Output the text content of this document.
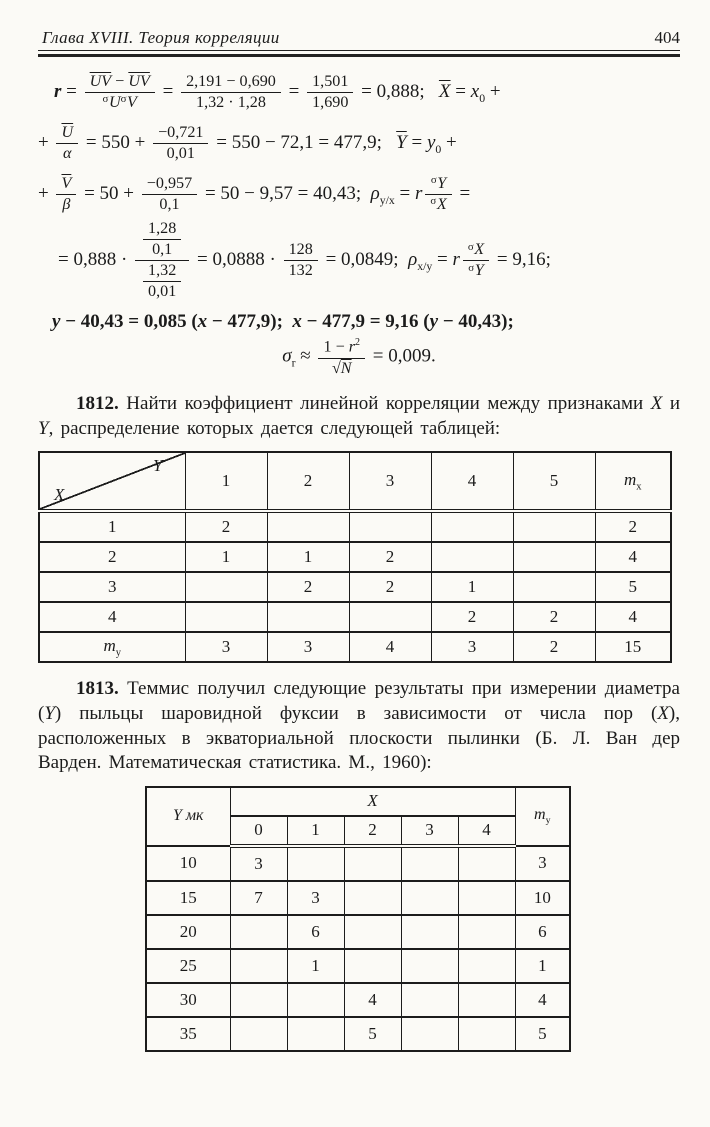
Глава XVIII. Теория корреляции	404
$r = \frac{\overline{UV} - \overline{U}\overline{V}}{^\sigma U^\sigma V} = \frac{2,191 - 0,690}{1,32 \cdot 1,28} = \frac{1,501}{1,690} = 0,888$;   $\overline{X} = x_0$ +
+ $\frac{\overline{U}}{\alpha} = 550 + \frac{-0,721}{0,01} = 550 - 72,1 = 477,9$;   $\overline{Y} = y_0$ +
+ $\frac{\overline{V}}{\beta} = 50 + \frac{-0,957}{0,1} = 50 - 9,57 = 40,43$;  $\rho_{y/x} = r \frac{^\sigma Y}{^\sigma X}$ =
= $0,888 \cdot \frac{\frac{1,28}{0,1}}{\frac{1,32}{0,01}} = 0,0888 \cdot \frac{128}{132} = 0,0849$;  $\rho_{x/y} = r \frac{^\sigma X}{^\sigma Y} = 9,16$;
y − 40,43 = 0,085 (x − 477,9);  x − 477,9 = 9,16 (y − 40,43);
$\sigma_r \approx \frac{1 - r^2}{√N} = 0,009$.

1812. Найти коэффициент линейной корреляции между признаками X и Y, распределение которых дается следующей таблицей:

Y
X	1	2	3	4	5	$m_x$
1	2					2
2	1	1	2			4
3		2	2	1		5
4				2	2	4
$m_y$	3	3	4	3	2	15

1813. Теммис получил следующие результаты при измерении диаметра (Y) пыльцы шаровидной фуксии в зависимости от числа пор (X), расположенных в экваториальной плоскости пылинки (Б. Л. Ван дер Варден. Математическая статистика. М., 1960):

Y мк	X					$m_y$
	0	1	2	3	4	
10	3					3
15	7	3				10
20		6				6
25		1				1
30			4			4
35			5			5
